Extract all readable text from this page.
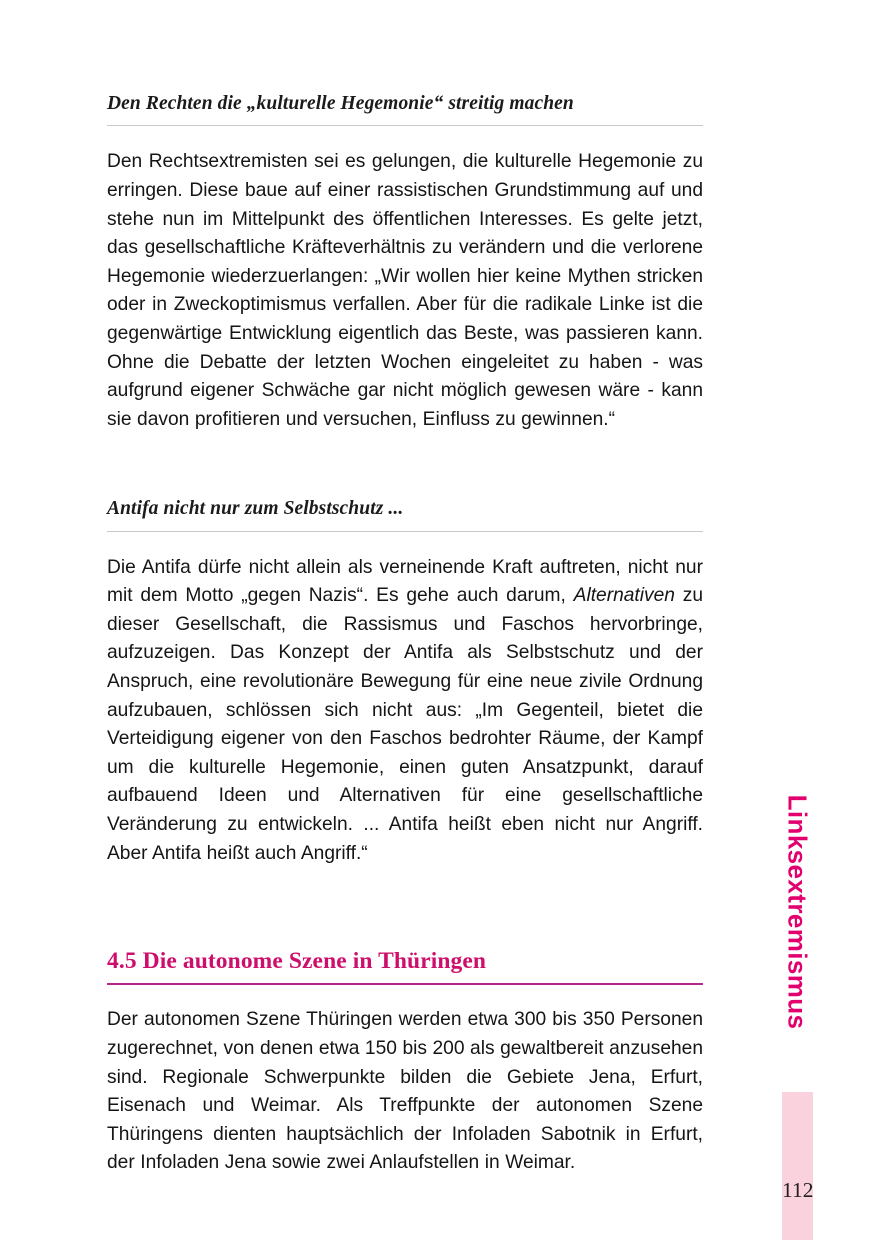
Den Rechten die „kulturelle Hegemonie“ streitig machen

Den Rechtsextremisten sei es gelungen, die kulturelle Hegemonie zu erringen. Diese baue auf einer rassistischen Grundstimmung auf und stehe nun im Mittelpunkt des öffentlichen Interesses. Es gelte jetzt, das gesellschaftliche Kräfteverhältnis zu verändern und die verlorene Hegemonie wiederzuerlangen: „Wir wollen hier keine Mythen stricken oder in Zweckoptimismus verfallen. Aber für die radikale Linke ist die gegenwärtige Entwicklung eigentlich das Beste, was passieren kann. Ohne die Debatte der letzten Wochen eingeleitet zu haben - was aufgrund eigener Schwäche gar nicht möglich gewesen wäre - kann sie davon profitieren und versuchen, Einfluss zu gewinnen.“

Antifa nicht nur zum Selbstschutz ...

Die Antifa dürfe nicht allein als verneinende Kraft auftreten, nicht nur mit dem Motto „gegen Nazis“. Es gehe auch darum, Alternativen zu dieser Gesellschaft, die Rassismus und Faschos hervorbringe, aufzuzeigen. Das Konzept der Antifa als Selbstschutz und der Anspruch, eine revolutionäre Bewegung für eine neue zivile Ordnung aufzubauen, schlössen sich nicht aus: „Im Gegenteil, bietet die Verteidigung eigener von den Faschos bedrohter Räume, der Kampf um die kulturelle Hegemonie, einen guten Ansatzpunkt, darauf aufbauend Ideen und Alternativen für eine gesellschaftliche Veränderung zu entwickeln. ... Antifa heißt eben nicht nur Angriff. Aber Antifa heißt auch Angriff.“

4.5 Die autonome Szene in Thüringen

Der autonomen Szene Thüringen werden etwa 300 bis 350 Personen zugerechnet, von denen etwa 150 bis 200 als gewaltbereit anzusehen sind. Regionale Schwerpunkte bilden die Gebiete Jena, Erfurt, Eisenach und Weimar. Als Treffpunkte der autonomen Szene Thüringens dienten hauptsächlich der Infoladen Sabotnik in Erfurt, der Infoladen Jena sowie zwei Anlaufstellen in Weimar.

Linksextremismus
112
